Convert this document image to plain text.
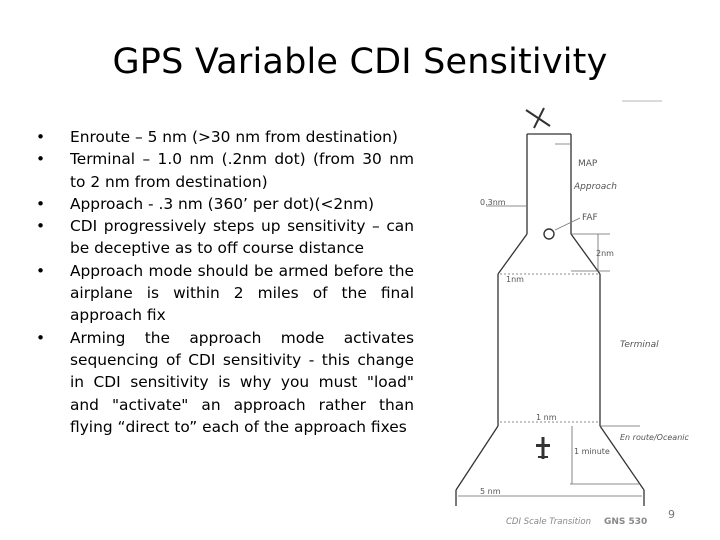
GPS Variable CDI Sensitivity
• Enroute – 5 nm (>30 nm from destination)
• Terminal – 1.0 nm (.2nm dot) (from 30 nm to 2 nm from destination)
• Approach - .3 nm (360’ per dot)(<2nm)
• CDI progressively steps up sensitivity – can be deceptive as to off course distance
• Approach mode should be armed before the airplane is within 2 miles of the final approach fix
• Arming the approach mode activates sequencing of CDI sensitivity - this change in CDI sensitivity is why you must "load" and "activate" an approach rather than flying “direct to” each of the approach fixes
MAP
Approach
0.3nm
FAF
2nm
1nm
Terminal
1 nm
En route/Oceanic
1 minute
5 nm
CDI Scale Transition GNS 530
9
